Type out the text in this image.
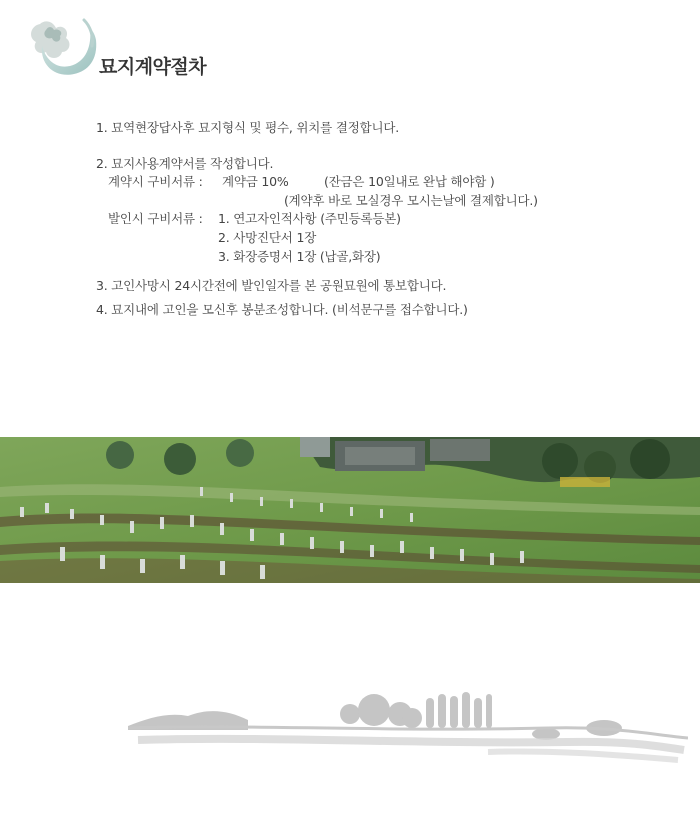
묘지계약절차
1. 묘역현장답사후 묘지형식 및 평수, 위치를 결정합니다.
2. 묘지사용계약서를 작성합니다.
계약시 구비서류 : 계약금 10%	(잔금은 10일내로 완납 해야함 )
(계약후 바로 모실경우 모시는날에 결제합니다.)
발인시 구비서류 : 1. 연고자인적사항 (주민등록등본)
2. 사망진단서 1장
3. 화장증명서 1장 (납골,화장)
3. 고인사망시 24시간전에 발인일자를 본 공원묘원에 통보합니다.
4. 묘지내에 고인을 모신후 봉분조성합니다. (비석문구를 접수합니다.)
